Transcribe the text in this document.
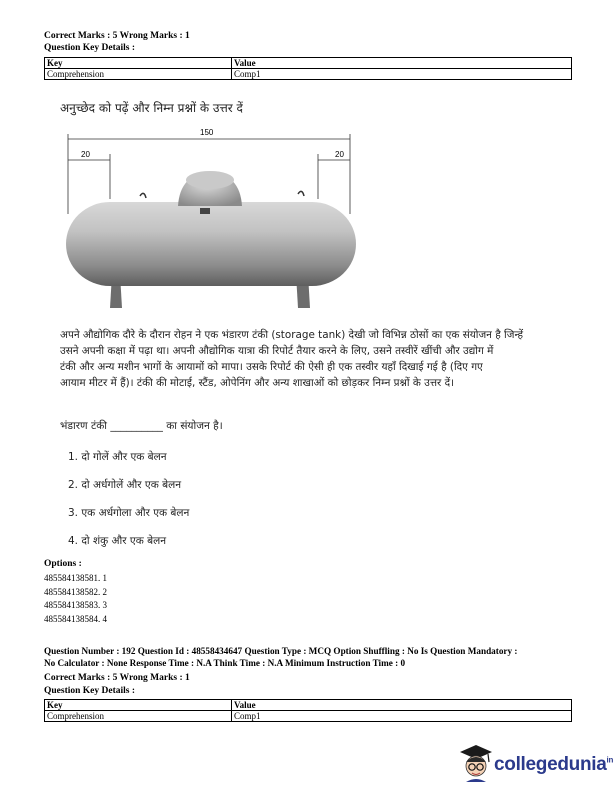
Correct Marks : 5 Wrong Marks : 1
Question Key Details :
Key	Value
Comprehension	Comp1
अनुच्छेद को पढ़ें और निम्न प्रश्नों के उत्तर दें
150
20	20
अपने औद्योगिक दौरे के दौरान रोहन ने एक भंडारण टंकी (storage tank) देखी जो विभिन्न ठोसों का एक संयोजन है जिन्हें
उसने अपनी कक्षा में पढ़ा था। अपनी औद्योगिक यात्रा की रिपोर्ट तैयार करने के लिए, उसने तस्वीरें खींची और उद्योग में
टंकी और अन्य मशीन भागों के आयामों को मापा। उसके रिपोर्ट की ऐसी ही एक तस्वीर यहाँ दिखाई गई है (दिए गए
आयाम मीटर में हैं)। टंकी की मोटाई, स्टैंड, ओपेनिंग और अन्य शाखाओं को छोड़कर निम्न प्रश्नों के उत्तर दें।
भंडारण टंकी __________ का संयोजन है।
1. दो गोलें और एक बेलन
2. दो अर्धगोलें और एक बेलन
3. एक अर्धगोला और एक बेलन
4. दो शंकु और एक बेलन
Options :
485584138581. 1
485584138582. 2
485584138583. 3
485584138584. 4
Question Number : 192 Question Id : 48558434647 Question Type : MCQ Option Shuffling : No Is Question Mandatory :
No Calculator : None Response Time : N.A Think Time : N.A Minimum Instruction Time : 0
Correct Marks : 5 Wrong Marks : 1
Question Key Details :
Key	Value
Comprehension	Comp1
collegedunia$^{in}$
